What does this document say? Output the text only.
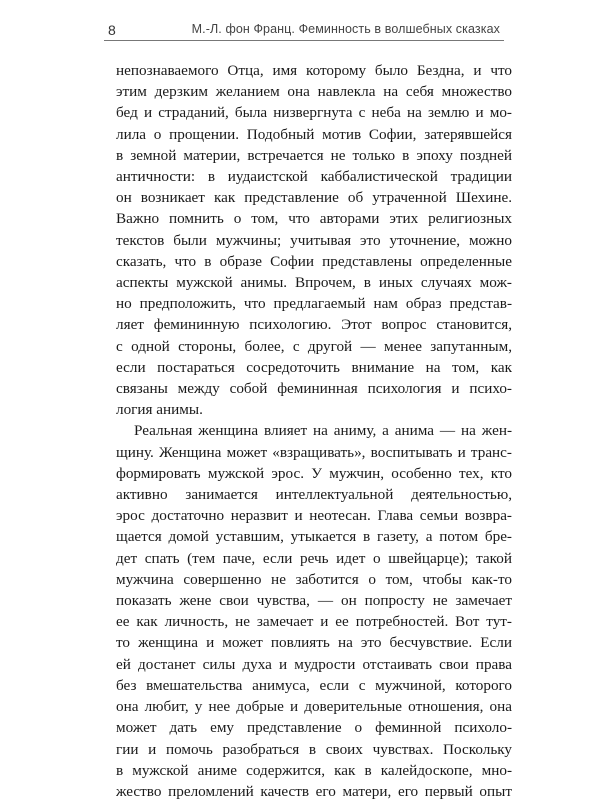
8	М.-Л. фон Франц. Феминность в волшебных сказках

непознаваемого Отца, имя которому было Бездна, и что
этим дерзким желанием она навлекла на себя множество
бед и страданий, была низвергнута с неба на землю и мо-
лила о прощении. Подобный мотив Софии, затерявшейся
в земной материи, встречается не только в эпоху поздней
античности: в иудаистской каббалистической традиции
он возникает как представление об утраченной Шехине.
Важно помнить о том, что авторами этих религиозных
текстов были мужчины; учитывая это уточнение, можно
сказать, что в образе Софии представлены определенные
аспекты мужской анимы. Впрочем, в иных случаях мож-
но предположить, что предлагаемый нам образ представ-
ляет фемининную психологию. Этот вопрос становится,
с одной стороны, более, с другой — менее запутанным,
если постараться сосредоточить внимание на том, как
связаны между собой фемининная психология и психо-
логия анимы.

Реальная женщина влияет на аниму, а анима — на жен-
щину. Женщина может «взращивать», воспитывать и транс-
формировать мужской эрос. У мужчин, особенно тех, кто
активно занимается интеллектуальной деятельностью,
эрос достаточно неразвит и неотесан. Глава семьи возвра-
щается домой уставшим, утыкается в газету, а потом бре-
дет спать (тем паче, если речь идет о швейцарце); такой
мужчина совершенно не заботится о том, чтобы как-то
показать жене свои чувства, — он попросту не замечает
ее как личность, не замечает и ее потребностей. Вот тут-
то женщина и может повлиять на это бесчувствие. Если
ей достанет силы духа и мудрости отстаивать свои права
без вмешательства анимуса, если с мужчиной, которого
она любит, у нее добрые и доверительные отношения, она
может дать ему представление о феминной психоло-
гии и помочь разобраться в своих чувствах. Поскольку
в мужской аниме содержится, как в калейдоскопе, мно-
жество преломлений качеств его матери, его первый опыт
